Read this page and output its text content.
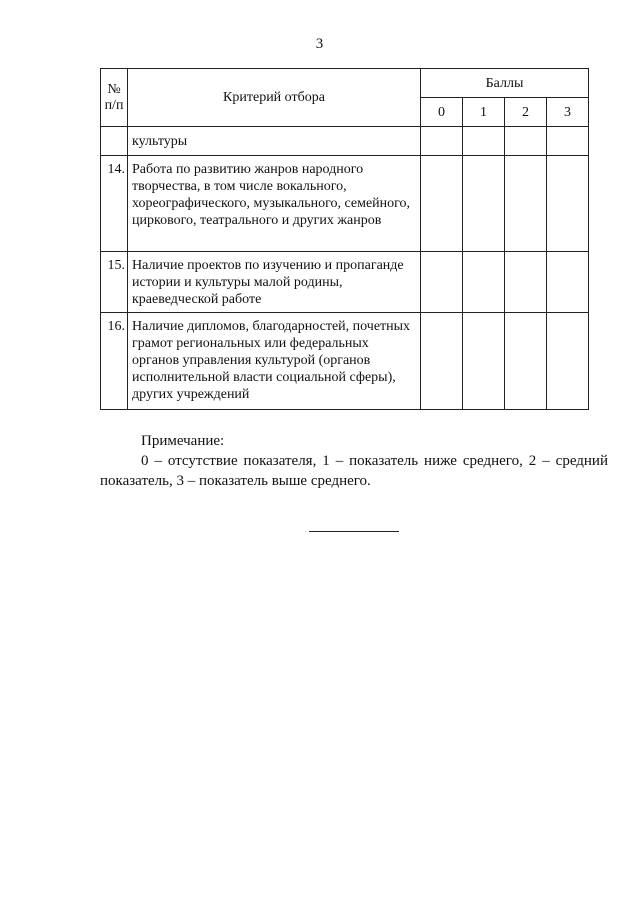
3
№
п/п	Критерий отбора	Баллы			
		0	1	2	3
	культуры				
14.	Работа по развитию жанров народного творчества, в том числе вокального, хореографического, музыкального, семейного, циркового, театрального и других жанров				
15.	Наличие проектов по изучению и пропаганде истории и культуры малой родины, краеведческой работе				
16.	Наличие дипломов, благодарностей, почетных грамот региональных или федеральных органов управления культурой (органов исполнительной власти социальной сферы), других учреждений				
Примечание:
0 – отсутствие показателя, 1 – показатель ниже среднего, 2 – средний показатель, 3 – показатель выше среднего.
